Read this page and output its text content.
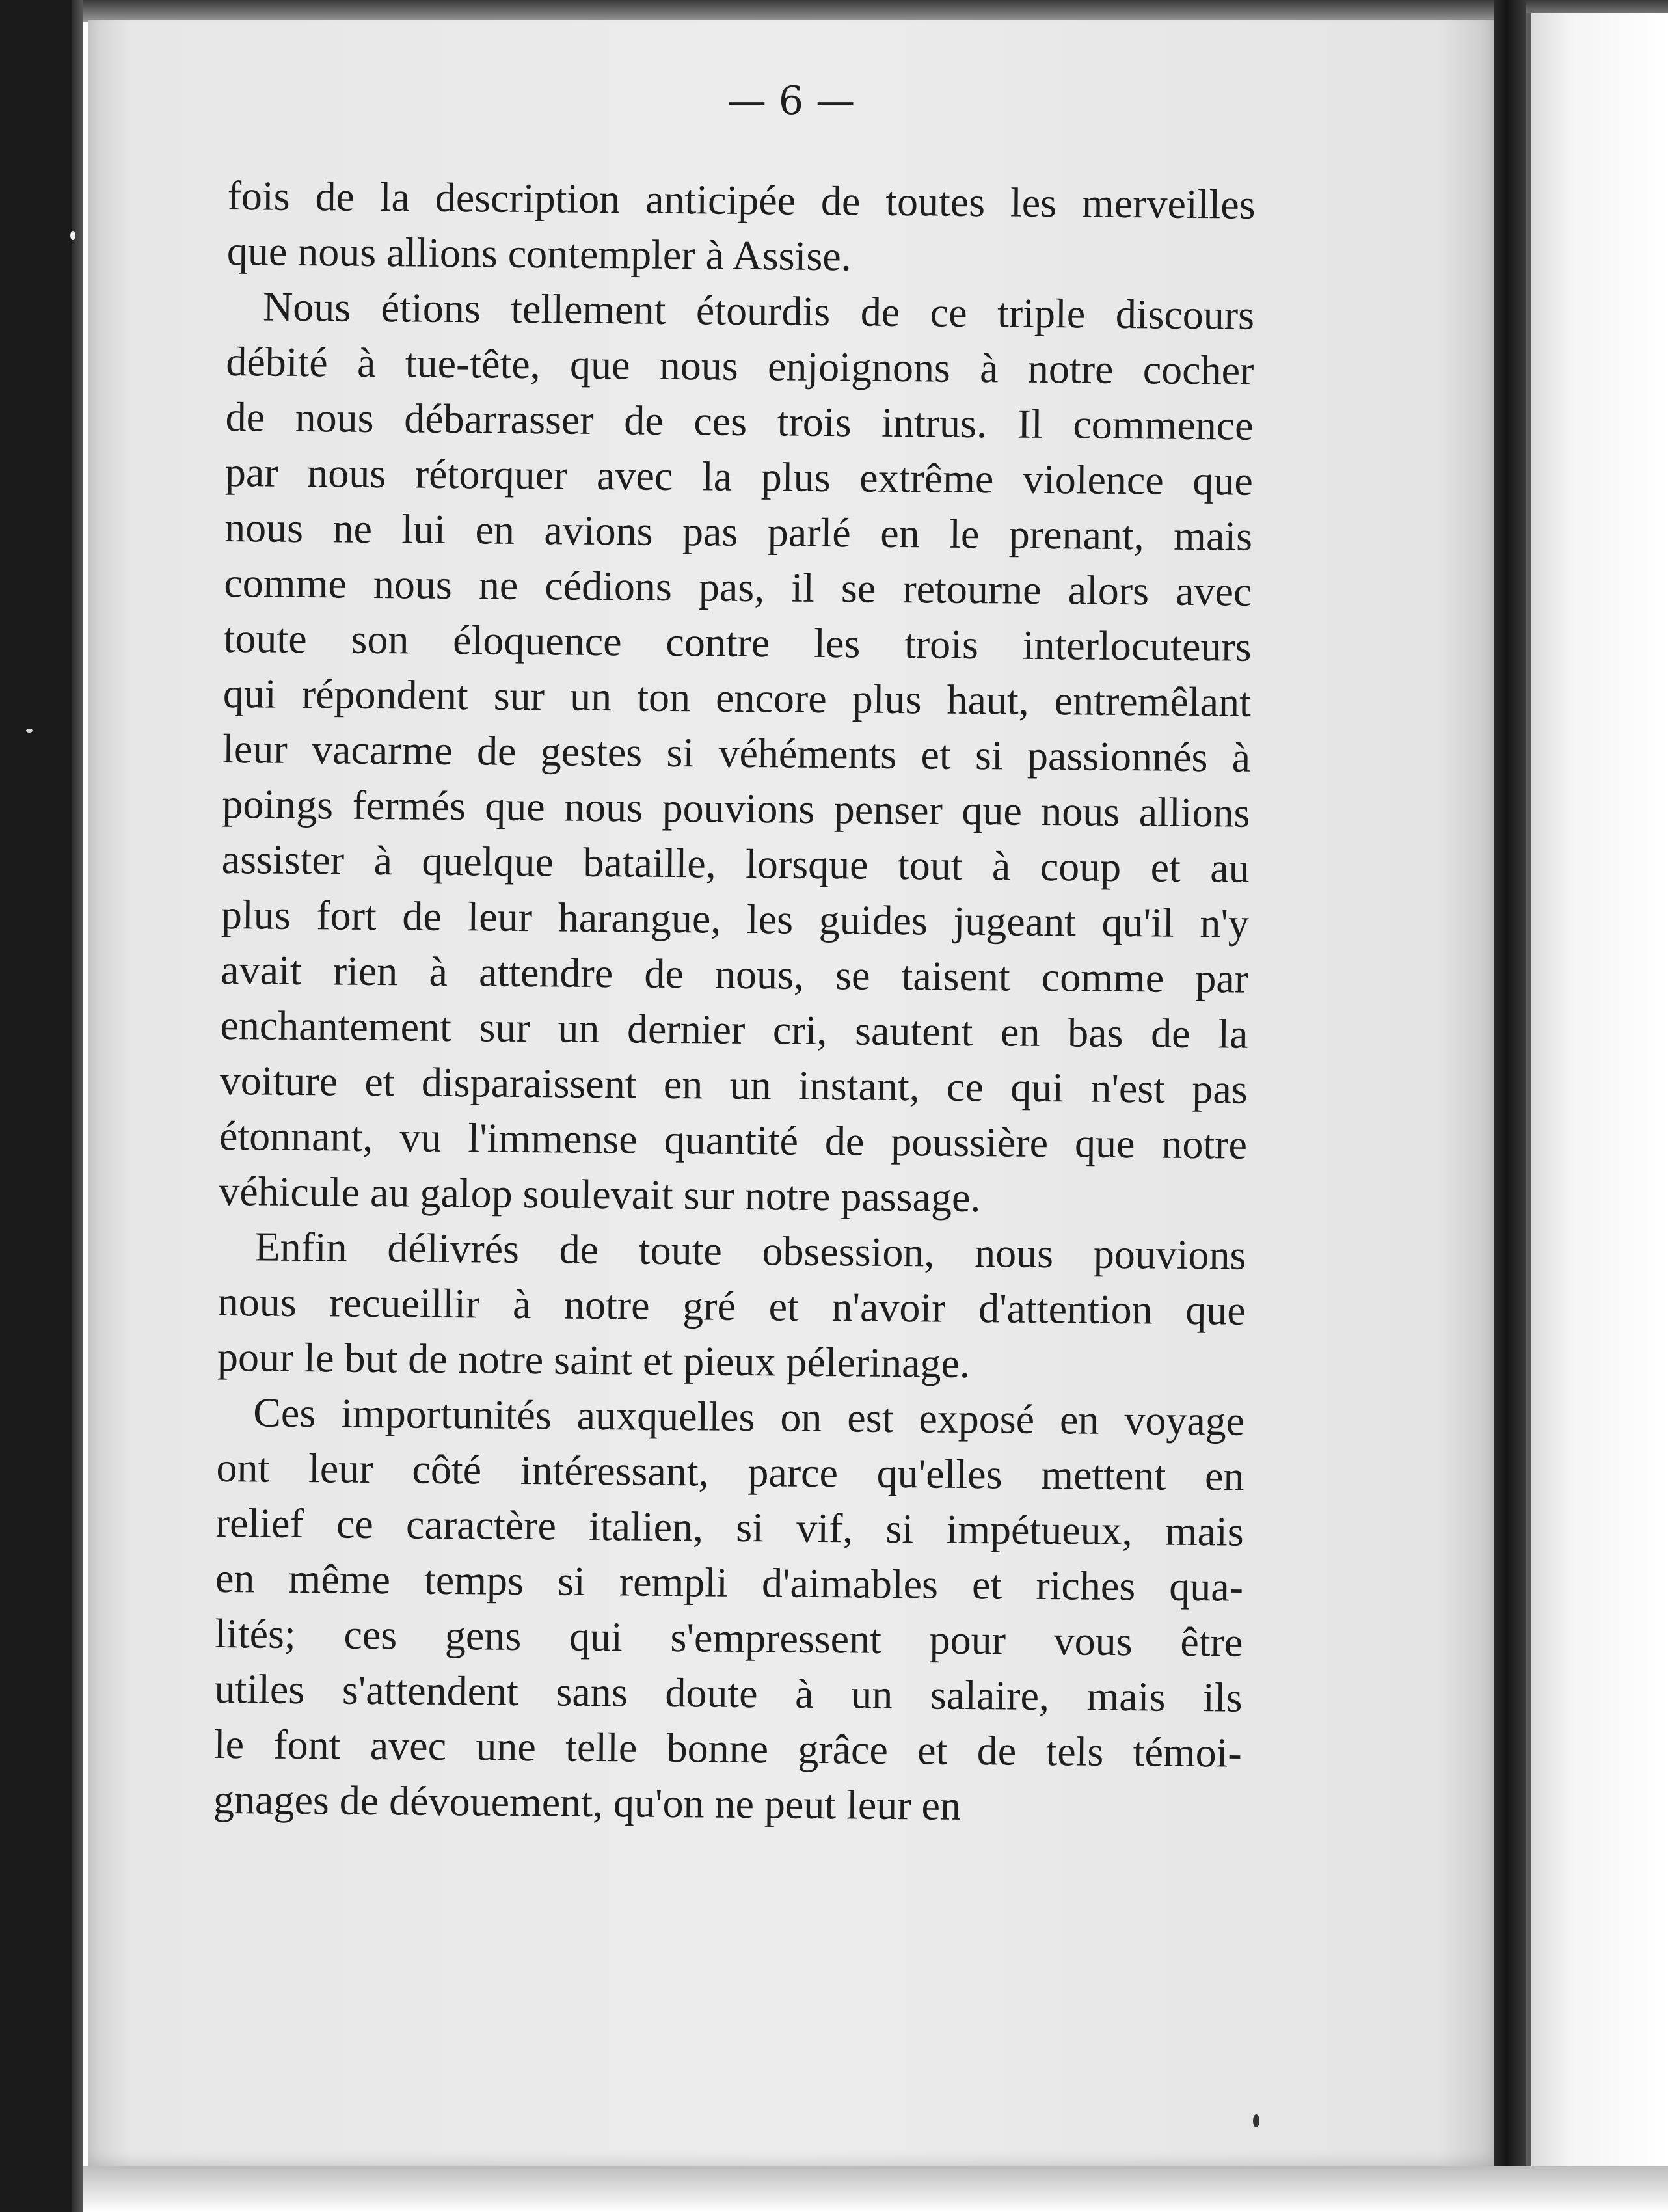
— 6 —
fois de la description anticipée de toutes les merveilles
que nous allions contempler à Assise.
Nous étions tellement étourdis de ce triple discours
débité à tue-tête, que nous enjoignons à notre cocher
de nous débarrasser de ces trois intrus. Il commence
par nous rétorquer avec la plus extrême violence que
nous ne lui en avions pas parlé en le prenant, mais
comme nous ne cédions pas, il se retourne alors avec
toute son éloquence contre les trois interlocuteurs
qui répondent sur un ton encore plus haut, entremêlant
leur vacarme de gestes si véhéments et si passionnés à
poings fermés que nous pouvions penser que nous allions
assister à quelque bataille, lorsque tout à coup et au
plus fort de leur harangue, les guides jugeant qu'il n'y
avait rien à attendre de nous, se taisent comme par
enchantement sur un dernier cri, sautent en bas de la
voiture et disparaissent en un instant, ce qui n'est pas
étonnant, vu l'immense quantité de poussière que notre
véhicule au galop soulevait sur notre passage.
Enfin délivrés de toute obsession, nous pouvions
nous recueillir à notre gré et n'avoir d'attention que
pour le but de notre saint et pieux pélerinage.
Ces importunités auxquelles on est exposé en voyage
ont leur côté intéressant, parce qu'elles mettent en
relief ce caractère italien, si vif, si impétueux, mais
en même temps si rempli d'aimables et riches qua-
lités; ces gens qui s'empressent pour vous être
utiles s'attendent sans doute à un salaire, mais ils
le font avec une telle bonne grâce et de tels témoi-
gnages de dévouement, qu'on ne peut leur en
